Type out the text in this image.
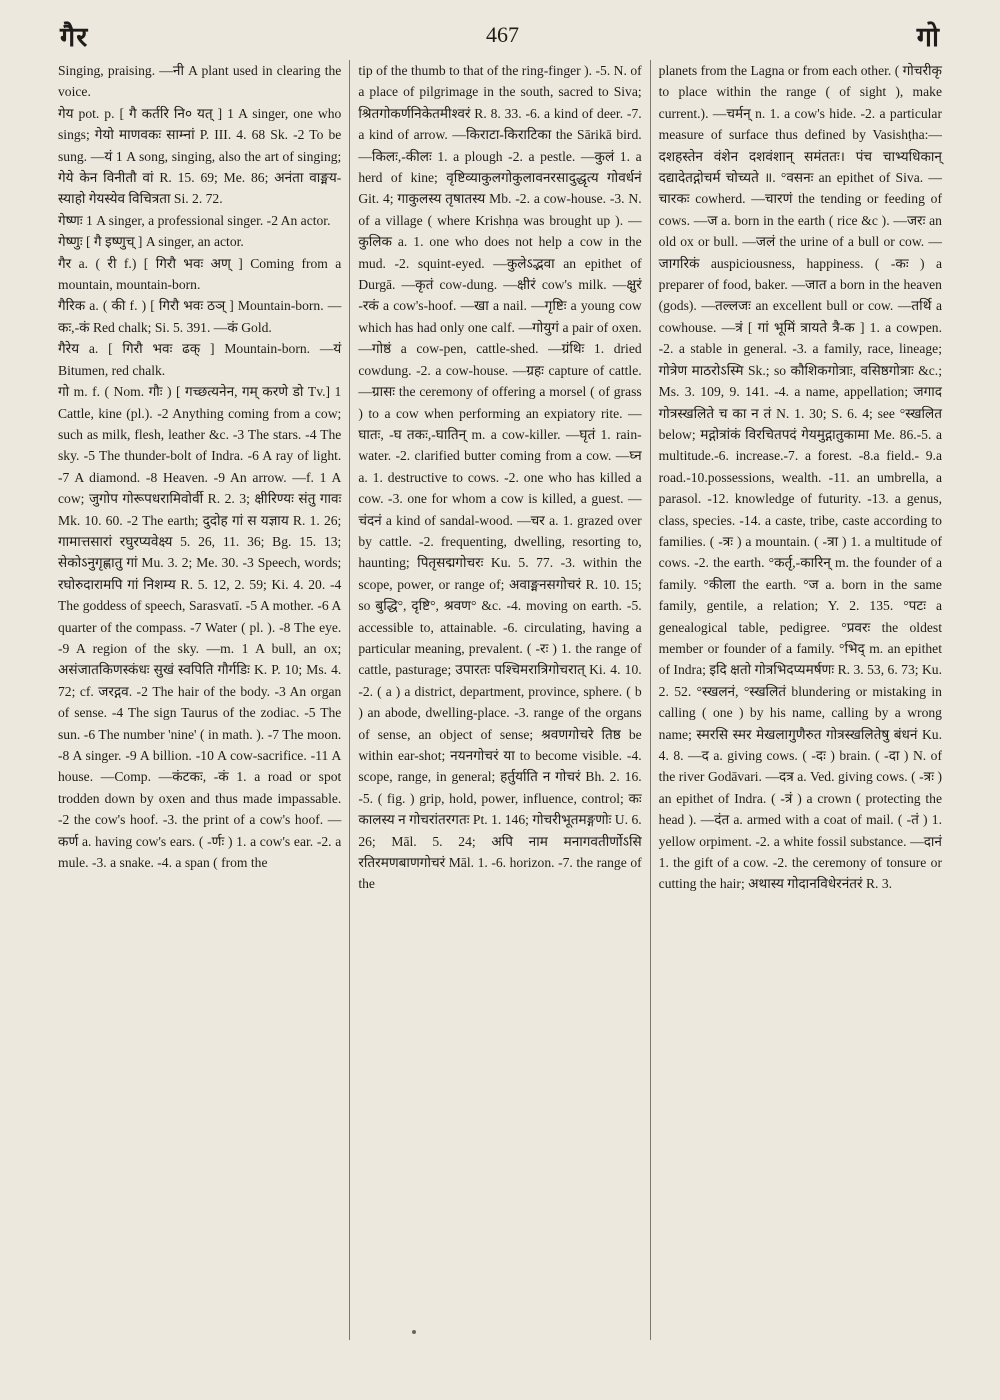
गैर	467	गो

Singing, praising. —नी A plant used in clearing the voice.

गेय pot. p. [ गै कर्तरि नि० यत् ] 1 A singer, one who sings; गेयो माणवकः साम्नां P. III. 4. 68 Sk. -2 To be sung. —यं 1 A song, singing, also the art of singing; गेये केन विनीतौ वां R. 15. 69; Me. 86; अनंता वाङ्मय-स्याहो गेयस्येव विचित्रता Si. 2. 72.

गेष्णः 1 A singer, a professional singer. -2 An actor.

गेष्णुः [ गै इष्णुच् ] A singer, an actor.

गैर a. ( री f.) [ गिरौ भवः अण् ] Coming from a mountain, mountain-born.

गैरिक a. ( की f. ) [ गिरौ भवः ठञ् ] Mountain-born. —कः,-कं Red chalk; Si. 5. 391. —कं Gold.

गैरेय a. [ गिरौ भवः ढक् ] Mountain-born. —यं Bitumen, red chalk.

गो m. f. ( Nom. गौः ) [ गच्छत्यनेन, गम् करणे डो Tv.] 1 Cattle, kine (pl.). -2 Anything coming from a cow; such as milk, flesh, leather &c. -3 The stars. -4 The sky. -5 The thunder-bolt of Indra. -6 A ray of light. -7 A diamond. -8 Heaven. -9 An arrow. —f. 1 A cow; जुगोप गोरूपधरामिवोर्वी R. 2. 3; क्षीरिण्यः संतु गावः Mk. 10. 60. -2 The earth; दुदोह गां स यज्ञाय R. 1. 26; गामात्तसारां रघुरप्यवेक्ष्य 5. 26, 11. 36; Bg. 15. 13; सेकोऽनुगृह्णातु गां Mu. 3. 2; Me. 30. -3 Speech, words; रघोरुदारामपि गां निशम्य R. 5. 12, 2. 59; Ki. 4. 20. -4 The goddess of speech, Sarasvatī. -5 A mother. -6 A quarter of the compass. -7 Water ( pl. ). -8 The eye. -9 A region of the sky. —m. 1 A bull, an ox; असंजातकिणस्कंधः सुखं स्वपिति गौर्गडिः K. P. 10; Ms. 4. 72; cf. जरद्गव. -2 The hair of the body. -3 An organ of sense. -4 The sign Taurus of the zodiac. -5 The sun. -6 The number 'nine' ( in math. ). -7 The moon. -8 A singer. -9 A billion. -10 A cow-sacrifice. -11 A house. —Comp. —कंटकः, -कं 1. a road or spot trodden down by oxen and thus made impassable. -2 the cow's hoof. -3. the print of a cow's hoof. —कर्ण a. having cow's ears. ( -र्णः ) 1. a cow's ear. -2. a mule. -3. a snake. -4. a span ( from the

tip of the thumb to that of the ring-finger ). -5. N. of a place of pilgrimage in the south, sacred to Siva; श्रितगोकर्णनिकेतमीश्वरं R. 8. 33. -6. a kind of deer. -7. a kind of arrow. —किराटा-किराटिका the Sārikā bird. —किलः,-कीलः 1. a plough -2. a pestle. —कुलं 1. a herd of kine; वृष्टिव्याकुलगोकुलावनरसादुद्धृत्य गोवर्धनं Git. 4; गाकुलस्य तृषातस्य Mb. -2. a cow-house. -3. N. of a village ( where Krishṇa was brought up ). —कुलिक a. 1. one who does not help a cow in the mud. -2. squint-eyed. —कुलेऽद्भवा an epithet of Durgā. —कृतं cow-dung. —क्षीरं cow's milk. —क्षुरं -रकं a cow's-hoof. —खा a nail. —गृष्टिः a young cow which has had only one calf. —गोयुगं a pair of oxen. —गोष्ठं a cow-pen, cattle-shed. —ग्रंथिः 1. dried cowdung. -2. a cow-house. —ग्रहः capture of cattle. —ग्रासः the ceremony of offering a morsel ( of grass ) to a cow when performing an expiatory rite. —घातः, -घ तकः,-घातिन् m. a cow-killer. —घृतं 1. rain-water. -2. clarified butter coming from a cow. —घ्न a. 1. destructive to cows. -2. one who has killed a cow. -3. one for whom a cow is killed, a guest. —चंदनं a kind of sandal-wood. —चर a. 1. grazed over by cattle. -2. frequenting, dwelling, resorting to, haunting; पितृसद्मगोचरः Ku. 5. 77. -3. within the scope, power, or range of; अवाङ्मनसगोचरं R. 10. 15; so बुद्धि°, दृष्टि°, श्रवण° &c. -4. moving on earth. -5. accessible to, attainable. -6. circulating, having a particular meaning, prevalent. ( -रः ) 1. the range of cattle, pasturage; उपारतः पश्चिमरात्रिगोचरात् Ki. 4. 10. -2. ( a ) a district, department, province, sphere. ( b ) an abode, dwelling-place. -3. range of the organs of sense, an object of sense; श्रवणगोचरे तिष्ठ be within ear-shot; नयनगोचरं या to become visible. -4. scope, range, in general; हर्तुर्याति न गोचरं Bh. 2. 16. -5. ( fig. ) grip, hold, power, influence, control; कः कालस्य न गोचरांतरगतः Pt. 1. 146; गोचरीभूतमङ्गणोः U. 6. 26; Māl. 5. 24; अपि नाम मनागवतीर्णोऽसि रतिरमणबाणगोचरं Māl. 1. -6. horizon. -7. the range of the

planets from the Lagna or from each other. ( गोचरीकृ to place within the range ( of sight ), make current.). —चर्मन् n. 1. a cow's hide. -2. a particular measure of surface thus defined by Vasishṭha:—दशहस्तेन वंशेन दशवंशान् समंततः। पंच चाभ्यधिकान् दद्यादेतद्गोचर्म चोच्यते ॥. °वसनः an epithet of Siva. —चारकः cowherd. —चारणं the tending or feeding of cows. —ज a. born in the earth ( rice &c ). —जरः an old ox or bull. —जलं the urine of a bull or cow. —जागरिकं auspiciousness, happiness. ( -कः ) a preparer of food, baker. —जात a born in the heaven (gods). —तल्लजः an excellent bull or cow. —तर्थि a cowhouse. —त्रं [ गां भूमिं त्रायते त्रै-क ] 1. a cowpen. -2. a stable in general. -3. a family, race, lineage; गोत्रेण माठरोऽस्मि Sk.; so कौशिकगोत्राः, वसिष्ठगोत्राः &c.; Ms. 3. 109, 9. 141. -4. a name, appellation; जगाद गोत्रस्खलिते च का न तं N. 1. 30; S. 6. 4; see °स्खलित below; मद्गोत्रांकं विरचितपदं गेयमुद्गातुकामा Me. 86.-5. a multitude.-6. increase.-7. a forest. -8.a field.- 9.a road.-10.possessions, wealth. -11. an umbrella, a parasol. -12. knowledge of futurity. -13. a genus, class, species. -14. a caste, tribe, caste according to families. ( -त्रः ) a mountain. ( -त्रा ) 1. a multitude of cows. -2. the earth. °कर्तृ,-कारिन् m. the founder of a family. °कीला the earth. °ज a. born in the same family, gentile, a relation; Y. 2. 135. °पटः a genealogical table, pedigree. °प्रवरः the oldest member or founder of a family. °भिद् m. an epithet of Indra; इदि क्षतो गोत्रभिदप्यमर्षणः R. 3. 53, 6. 73; Ku. 2. 52. °स्खलनं, °स्खलितं blundering or mistaking in calling ( one ) by his name, calling by a wrong name; स्मरसि स्मर मेखलागुणैरुत गोत्रस्खलितेषु बंधनं Ku. 4. 8. —द a. giving cows. ( -दः ) brain. ( -दा ) N. of the river Godāvari. —दत्र a. Ved. giving cows. ( -त्रः ) an epithet of Indra. ( -त्रं ) a crown ( protecting the head ). —दंत a. armed with a coat of mail. ( -तं ) 1. yellow orpiment. -2. a white fossil substance. —दानं 1. the gift of a cow. -2. the ceremony of tonsure or cutting the hair; अथास्य गोदानविधेरनंतरं R. 3.
